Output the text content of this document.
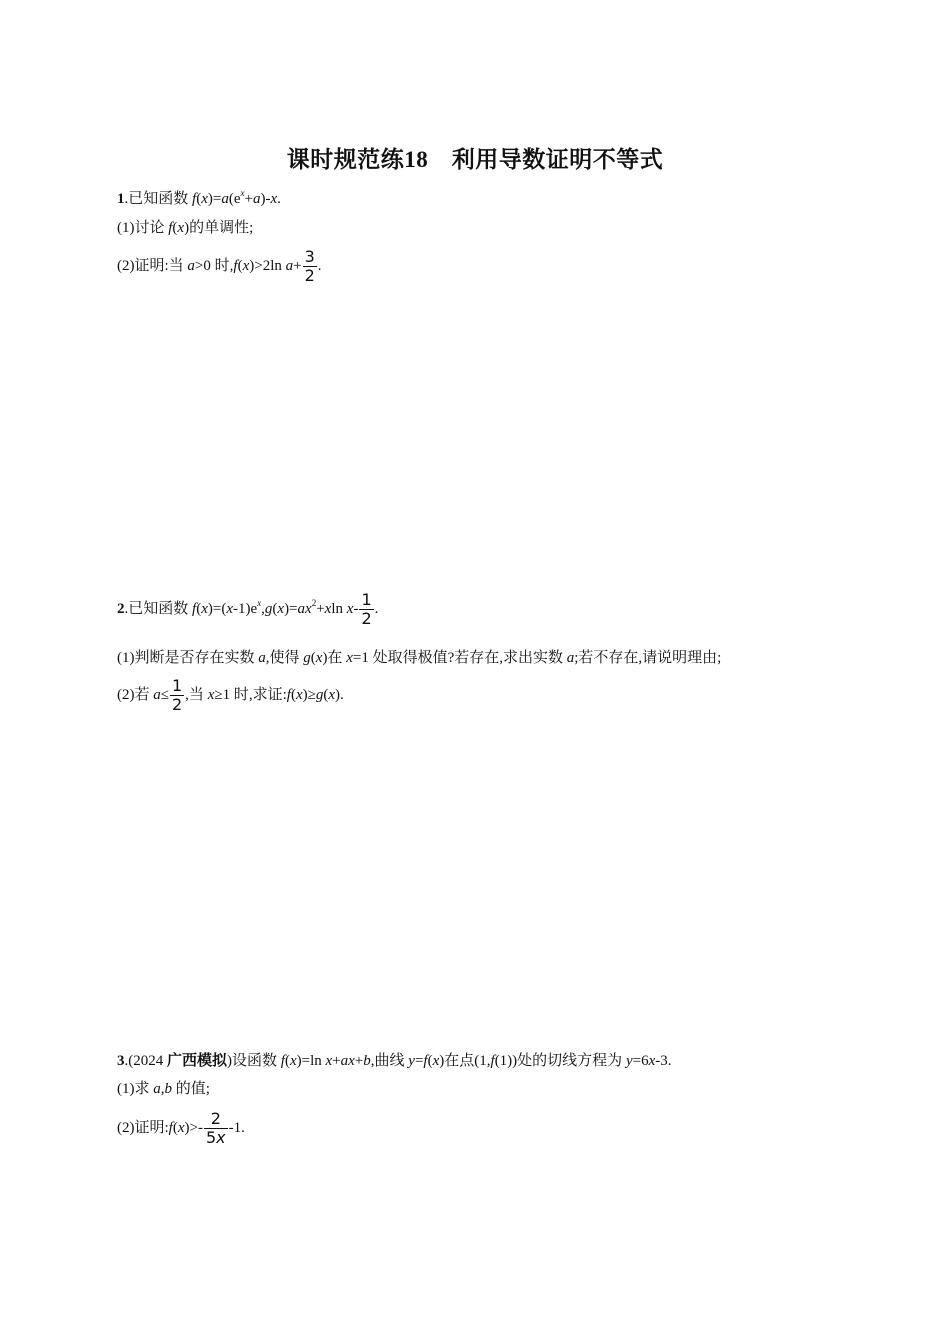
课时规范练18　 利用导数证明不等式
1.已知函数 $f(x)=a(e^x+a)-x$.
(1)讨论 f(x)的单调性;
(2)证明:当 a>0 时,f(x)>2ln $a+ \frac{3}{2}$ .
2.已知函数 $f(x)=(x-1)e^x,g(x)=ax^2+xln$ $x- \frac{1}{2}$ .
(1)判断是否存在实数 a,使得 g(x)在 x=1 处取得极值?若存在,求出实数 a;若不存在,请说明理由;
(2)若 $a\le \frac{1}{2}$ ,当 x≥1 时,求证:f(x)≥g(x).
3.(2024 广西模拟)设函数 f(x)=ln x+ax+b,曲线 y=f(x)在点(1,f(1))处的切线方程为 y=6x-3.
(1)求 a,b 的值;
(2)证明:f(x)>- $\frac{2}{5x} -1$.
